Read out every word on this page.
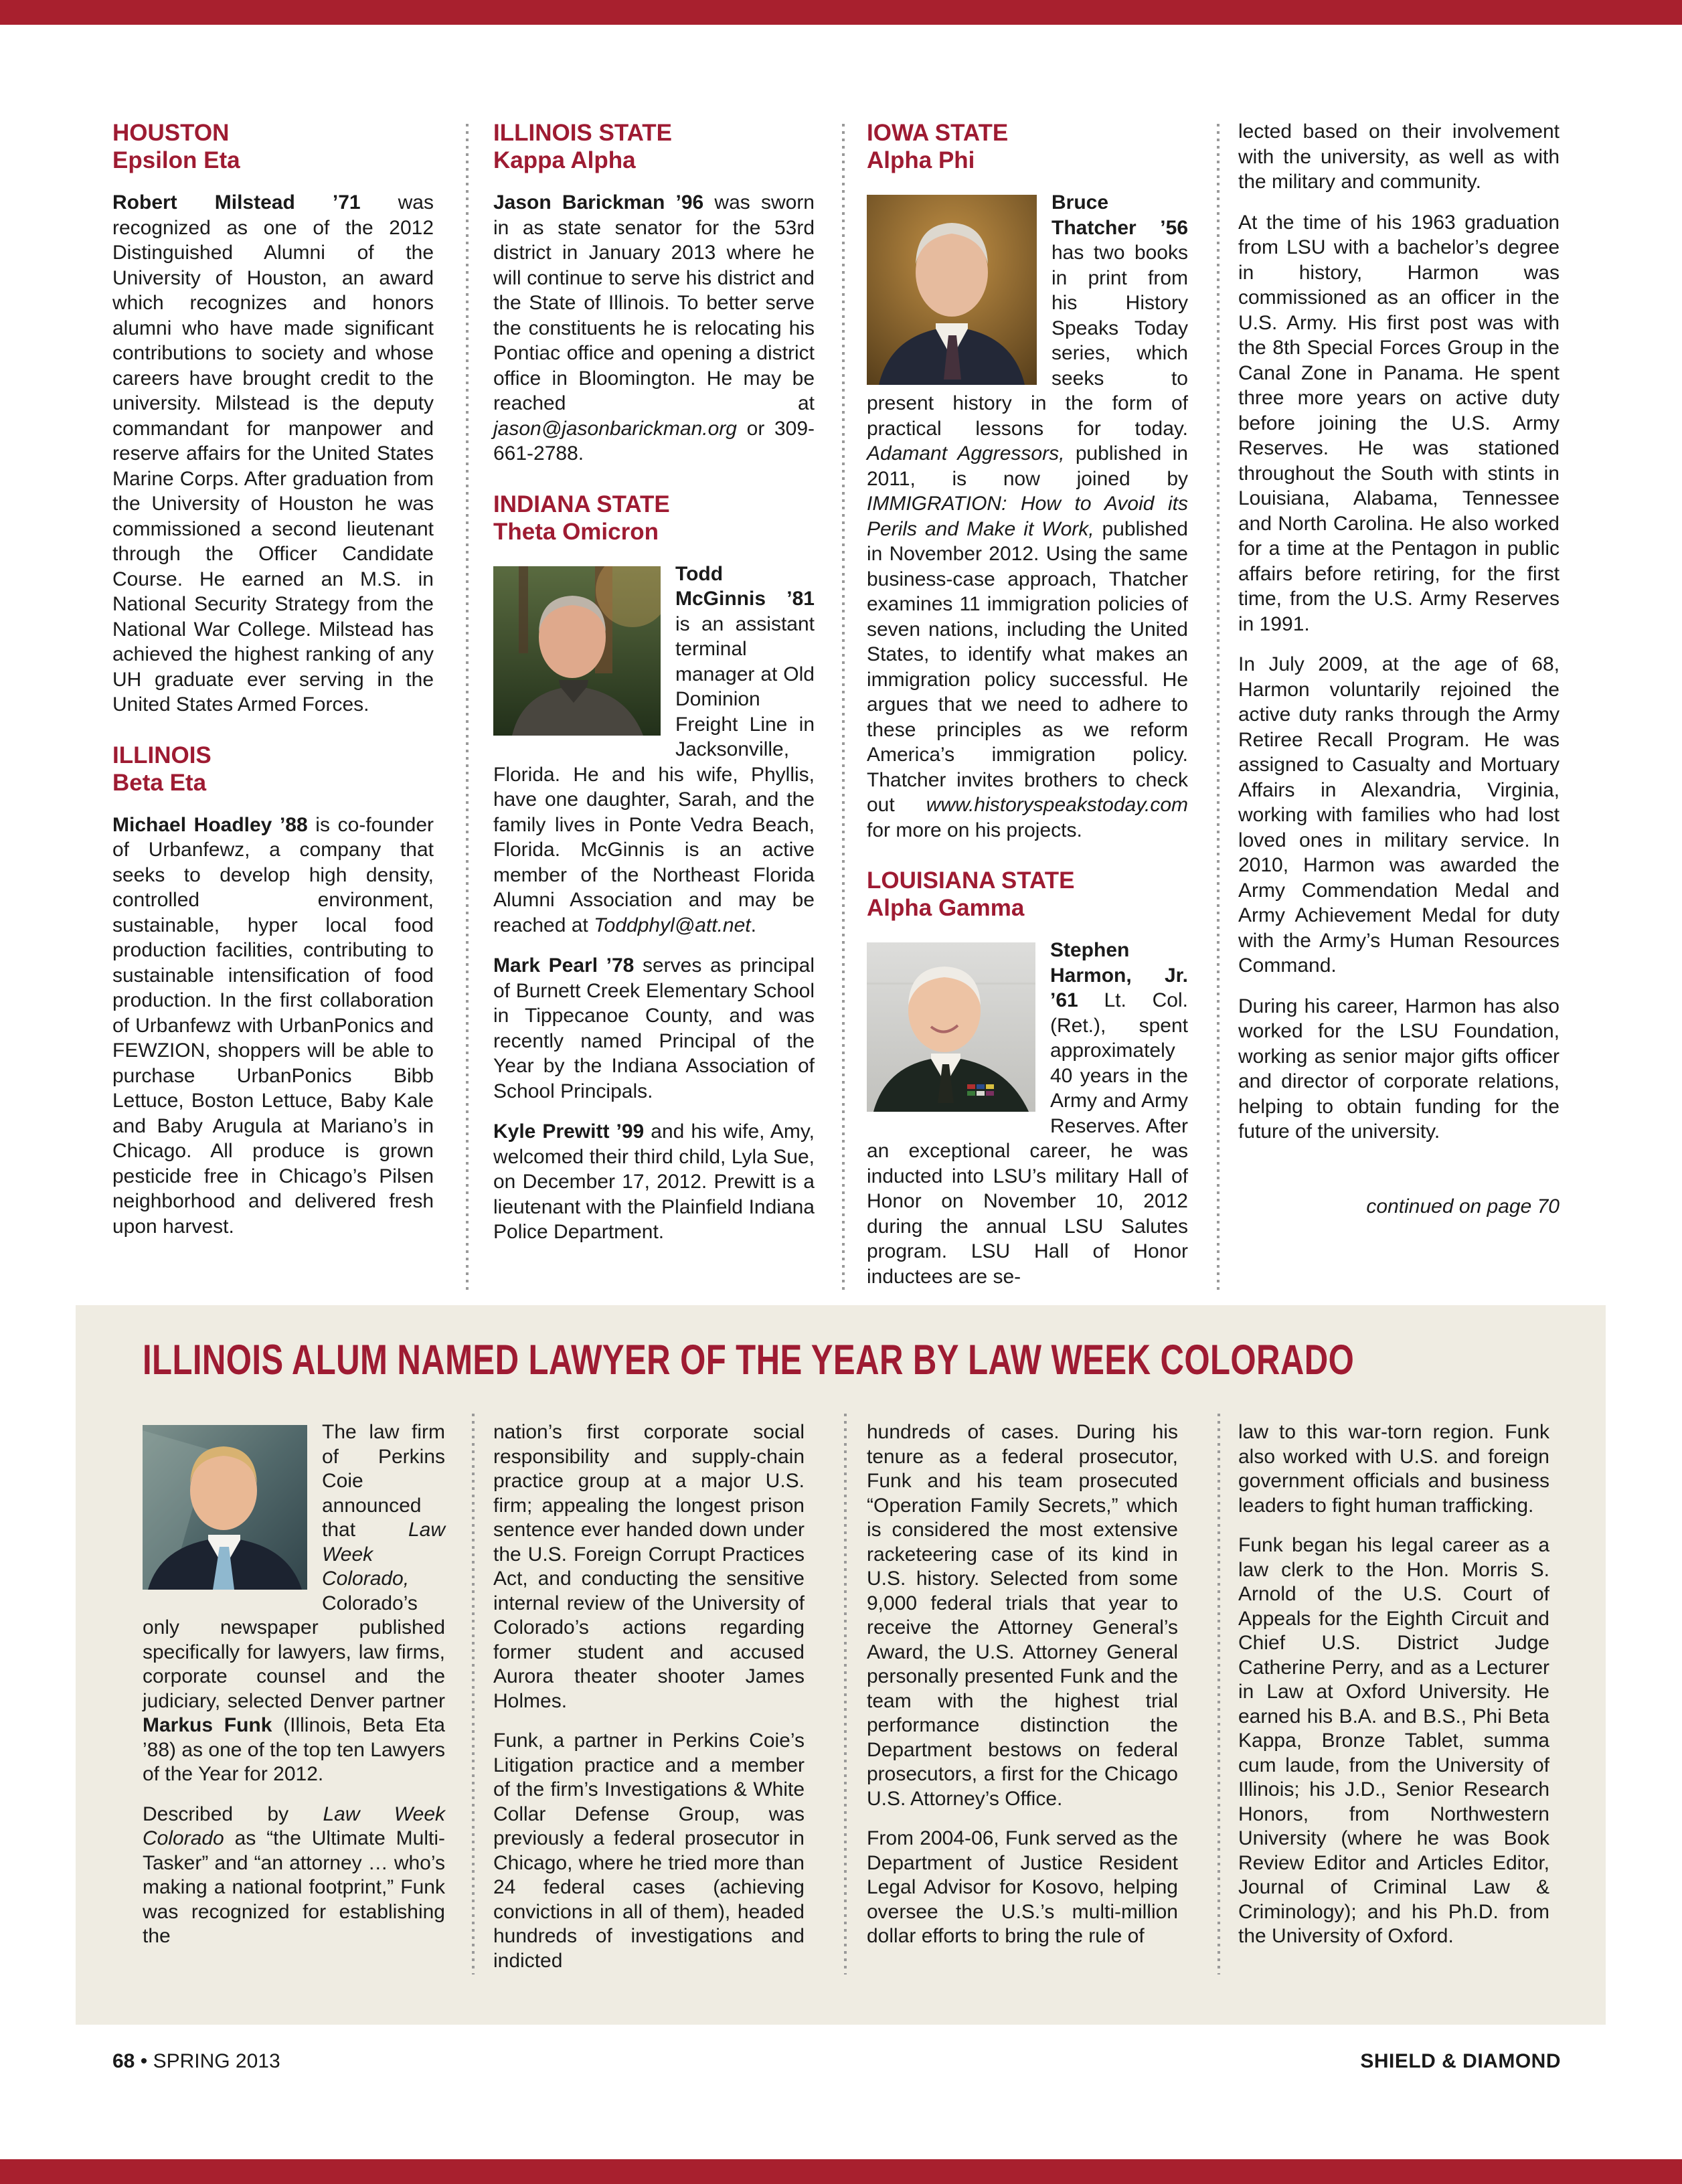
HOUSTON
Epsilon Eta

Robert Milstead ’71 was recognized as one of the 2012 Distinguished Alumni of the University of Houston, an award which recognizes and honors alumni who have made significant contributions to society and whose careers have brought credit to the university. Milstead is the deputy commandant for manpower and reserve affairs for the United States Marine Corps. After graduation from the University of Houston he was commissioned a second lieutenant through the Officer Candidate Course. He earned an M.S. in National Security Strategy from the National War College. Milstead has achieved the highest ranking of any UH graduate ever serving in the United States Armed Forces.

ILLINOIS
Beta Eta

Michael Hoadley ’88 is co-founder of Urbanfewz, a company that seeks to develop high density, controlled environment, sustainable, hyper local food production facilities, contributing to sustainable intensification of food production. In the first collaboration of Urbanfewz with UrbanPonics and FEWZION, shoppers will be able to purchase UrbanPonics Bibb Lettuce, Boston Lettuce, Baby Kale and Baby Arugula at Mariano’s in Chicago. All produce is grown pesticide free in Chicago’s Pilsen neighborhood and delivered fresh upon harvest.

ILLINOIS STATE
Kappa Alpha

Jason Barickman ’96 was sworn in as state senator for the 53rd district in January 2013 where he will continue to serve his district and the State of Illinois. To better serve the constituents he is relocating his Pontiac office and opening a district office in Bloomington. He may be reached at jason@jasonbarickman.org or 309-661-2788.

INDIANA STATE
Theta Omicron

Todd McGinnis ’81 is an assistant terminal manager at Old Dominion Freight Line in Jacksonville, Florida. He and his wife, Phyllis, have one daughter, Sarah, and the family lives in Ponte Vedra Beach, Florida. McGinnis is an active member of the Northeast Florida Alumni Association and may be reached at Toddphyl@att.net.

Mark Pearl ’78 serves as principal of Burnett Creek Elementary School in Tippecanoe County, and was recently named Principal of the Year by the Indiana Association of School Principals.

Kyle Prewitt ’99 and his wife, Amy, welcomed their third child, Lyla Sue, on December 17, 2012. Prewitt is a lieutenant with the Plainfield Indiana Police Department.

IOWA STATE
Alpha Phi

Bruce Thatcher ’56 has two books in print from his History Speaks Today series, which seeks to present history in the form of practical lessons for today. Adamant Aggressors, published in 2011, is now joined by IMMIGRATION: How to Avoid its Perils and Make it Work, published in November 2012. Using the same business-case approach, Thatcher examines 11 immigration policies of seven nations, including the United States, to identify what makes an immigration policy successful. He argues that we need to adhere to these principles as we reform America’s immigration policy. Thatcher invites brothers to check out www.historyspeakstoday.com for more on his projects.

LOUISIANA STATE
Alpha Gamma

Stephen Harmon, Jr. ’61 Lt. Col. (Ret.), spent approximately 40 years in the Army and Army Reserves. After an exceptional career, he was inducted into LSU’s military Hall of Honor on November 10, 2012 during the annual LSU Salutes program. LSU Hall of Honor inductees are se-

lected based on their involvement with the university, as well as with the military and community.

At the time of his 1963 graduation from LSU with a bachelor’s degree in history, Harmon was commissioned as an officer in the U.S. Army. His first post was with the 8th Special Forces Group in the Canal Zone in Panama. He spent three more years on active duty before joining the U.S. Army Reserves. He was stationed throughout the South with stints in Louisiana, Alabama, Tennessee and North Carolina. He also worked for a time at the Pentagon in public affairs before retiring, for the first time, from the U.S. Army Reserves in 1991.

In July 2009, at the age of 68, Harmon voluntarily rejoined the active duty ranks through the Army Retiree Recall Program. He was assigned to Casualty and Mortuary Affairs in Alexandria, Virginia, working with families who had lost loved ones in military service. In 2010, Harmon was awarded the Army Commendation Medal and Army Achievement Medal for duty with the Army’s Human Resources Command.

During his career, Harmon has also worked for the LSU Foundation, working as senior major gifts officer and director of corporate relations, helping to obtain funding for the future of the university.

continued on page 70
ILLINOIS ALUM NAMED LAWYER OF THE YEAR BY LAW WEEK COLORADO

The law firm of Perkins Coie announced that Law Week Colorado, Colorado’s only newspaper published specifically for lawyers, law firms, corporate counsel and the judiciary, selected Denver partner Markus Funk (Illinois, Beta Eta ’88) as one of the top ten Lawyers of the Year for 2012.

Described by Law Week Colorado as “the Ultimate Multi-Tasker” and “an attorney … who’s making a national footprint,” Funk was recognized for establishing the

nation’s first corporate social responsibility and supply-chain practice group at a major U.S. firm; appealing the longest prison sentence ever handed down under the U.S. Foreign Corrupt Practices Act, and conducting the sensitive internal review of the University of Colorado’s actions regarding former student and accused Aurora theater shooter James Holmes.

Funk, a partner in Perkins Coie’s Litigation practice and a member of the firm’s Investigations & White Collar Defense Group, was previously a federal prosecutor in Chicago, where he tried more than 24 federal cases (achieving convictions in all of them), headed hundreds of investigations and indicted

hundreds of cases. During his tenure as a federal prosecutor, Funk and his team prosecuted “Operation Family Secrets,” which is considered the most extensive racketeering case of its kind in U.S. history. Selected from some 9,000 federal trials that year to receive the Attorney General’s Award, the U.S. Attorney General personally presented Funk and the team with the highest trial performance distinction the Department bestows on federal prosecutors, a first for the Chicago U.S. Attorney’s Office.

From 2004-06, Funk served as the Department of Justice Resident Legal Advisor for Kosovo, helping oversee the U.S.’s multi-million dollar efforts to bring the rule of

law to this war-torn region. Funk also worked with U.S. and foreign government officials and business leaders to fight human trafficking.

Funk began his legal career as a law clerk to the Hon. Morris S. Arnold of the U.S. Court of Appeals for the Eighth Circuit and Chief U.S. District Judge Catherine Perry, and as a Lecturer in Law at Oxford University. He earned his B.A. and B.S., Phi Beta Kappa, Bronze Tablet, summa cum laude, from the University of Illinois; his J.D., Senior Research Honors, from Northwestern University (where he was Book Review Editor and Articles Editor, Journal of Criminal Law & Criminology); and his Ph.D. from the University of Oxford.

68 • SPRING 2013	SHIELD & DIAMOND
